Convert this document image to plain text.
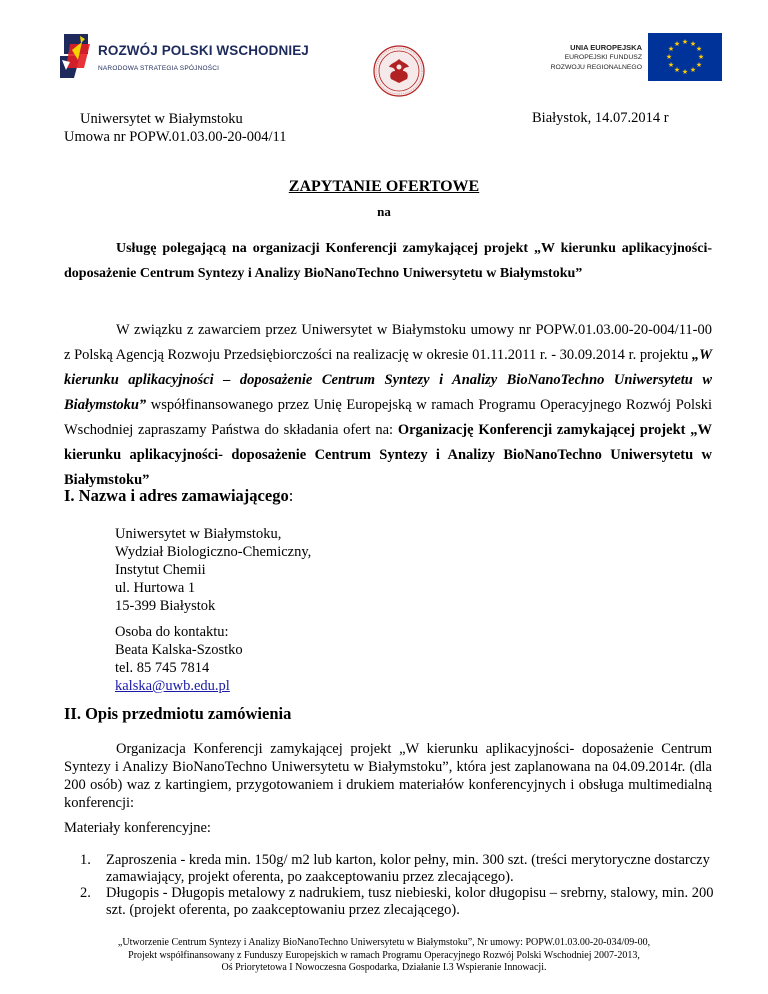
ROZWÓJ POLSKI WSCHODNIEJ
NARODOWA STRATEGIA SPÓJNOŚCI
UNIA EUROPEJSKA
EUROPEJSKI FUNDUSZ
ROZWOJU REGIONALNEGO
★ ★
★
★
★
★
★
★
★
★
★
★
Uniwersytet w Białymstoku
Umowa nr POPW.01.03.00-20-004/11
Białystok, 14.07.2014 r
ZAPYTANIE OFERTOWE
na
Usługę polegającą na organizacji Konferencji zamykającej projekt „W kierunku aplikacyjności- doposażenie Centrum Syntezy i Analizy BioNanoTechno Uniwersytetu w Białymstoku”
W związku z zawarciem przez Uniwersytet w Białymstoku umowy nr POPW.01.03.00-20-004/11-00 z Polską Agencją Rozwoju Przedsiębiorczości na realizację w okresie 01.11.2011 r. - 30.09.2014 r. projektu „W kierunku aplikacyjności – doposażenie Centrum Syntezy i Analizy BioNanoTechno Uniwersytetu w Białymstoku” współfinansowanego przez Unię Europejską w ramach Programu Operacyjnego Rozwój Polski Wschodniej zapraszamy Państwa do składania ofert na: Organizację Konferencji zamykającej projekt „W kierunku aplikacyjności- doposażenie Centrum Syntezy i Analizy BioNanoTechno Uniwersytetu w Białymstoku”
I. Nazwa i adres zamawiającego:
Uniwersytet w Białymstoku,
Wydział Biologiczno-Chemiczny,
Instytut Chemii
ul. Hurtowa 1
15-399 Białystok
Osoba do kontaktu:
Beata Kalska-Szostko
tel. 85 745 7814
kalska@uwb.edu.pl
II. Opis przedmiotu zamówienia
Organizacja Konferencji zamykającej projekt „W kierunku aplikacyjności- doposażenie Centrum Syntezy i Analizy BioNanoTechno Uniwersytetu w Białymstoku”, która jest zaplanowana na 04.09.2014r. (dla 200 osób) waz z kartingiem, przygotowaniem i drukiem materiałów konferencyjnych i obsługa multimedialną konferencji:
Materiały konferencyjne:
1. Zaproszenia - kreda min. 150g/ m2 lub karton, kolor pełny, min. 300 szt. (treści merytoryczne dostarczy zamawiający, projekt oferenta, po zaakceptowaniu przez zlecającego).
2. Długopis - Długopis metalowy z nadrukiem, tusz niebieski, kolor długopisu – srebrny, stalowy, min. 200 szt. (projekt oferenta, po zaakceptowaniu przez zlecającego).
„Utworzenie Centrum Syntezy i Analizy BioNanoTechno Uniwersytetu w Białymstoku”, Nr umowy: POPW.01.03.00-20-034/09-00,
Projekt współfinansowany z Funduszy Europejskich w ramach Programu Operacyjnego Rozwój Polski Wschodniej 2007-2013,
Oś Priorytetowa I Nowoczesna Gospodarka, Działanie I.3 Wspieranie Innowacji.
